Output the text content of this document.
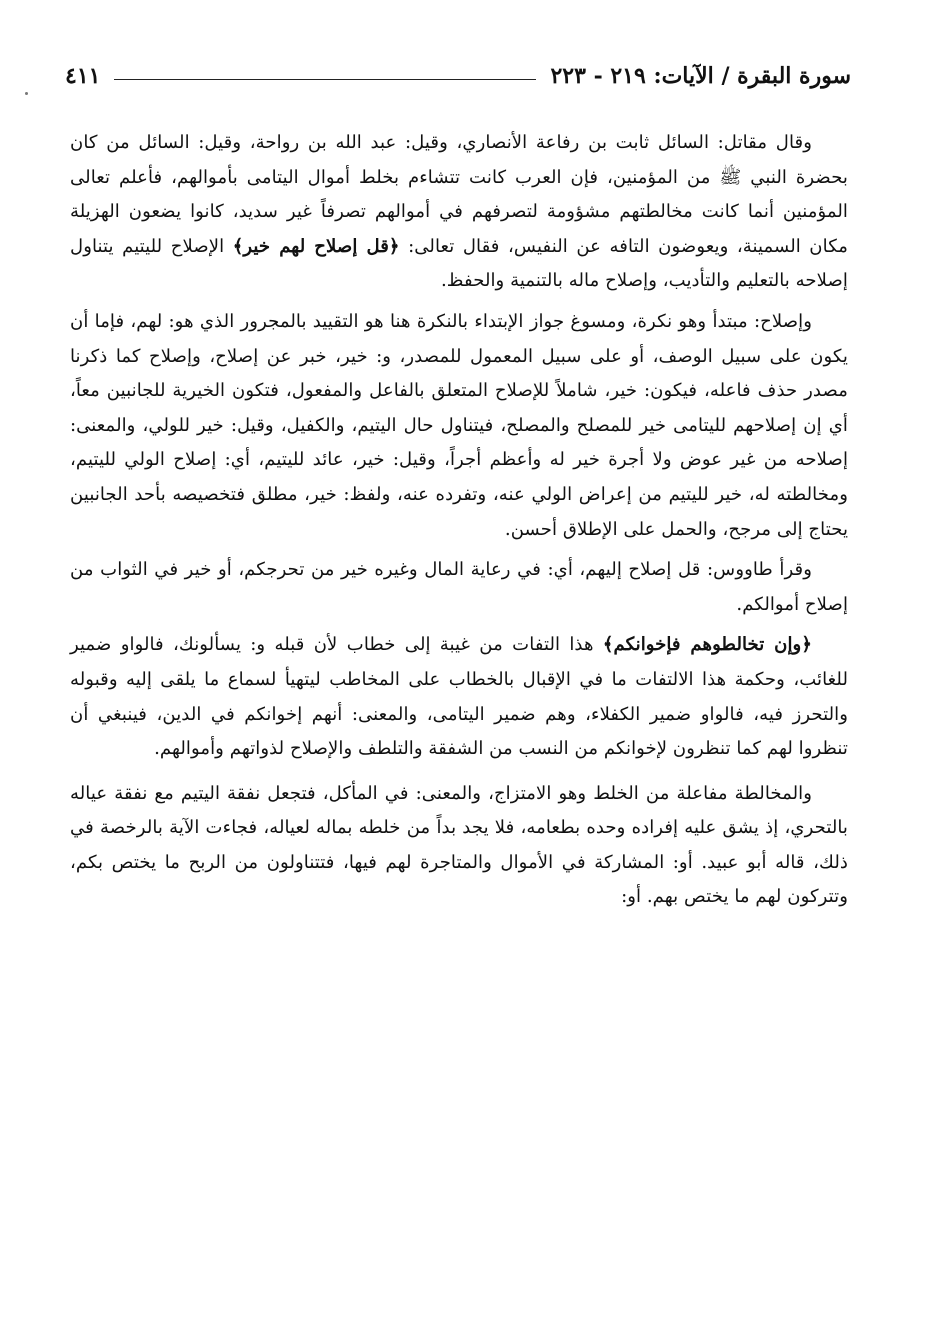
سورة البقرة / الآيات: ٢١٩ - ٢٢٣
٤١١

وقال مقاتل: السائل ثابت بن رفاعة الأنصاري، وقيل: عبد الله بن رواحة، وقيل: السائل من كان بحضرة النبي ﷺ من المؤمنين، فإن العرب كانت تتشاءم بخلط أموال اليتامى بأموالهم، فأعلم تعالى المؤمنين أنما كانت مخالطتهم مشؤومة لتصرفهم في أموالهم تصرفاً غير سديد، كانوا يضعون الهزيلة مكان السمينة، ويعوضون التافه عن النفيس، فقال تعالى: ﴿قل إصلاح لهم خير﴾ الإصلاح لليتيم يتناول إصلاحه بالتعليم والتأديب، وإصلاح ماله بالتنمية والحفظ.

وإصلاح: مبتدأ وهو نكرة، ومسوغ جواز الإبتداء بالنكرة هنا هو التقييد بالمجرور الذي هو: لهم، فإما أن يكون على سبيل الوصف، أو على سبيل المعمول للمصدر، و: خير، خبر عن إصلاح، وإصلاح كما ذكرنا مصدر حذف فاعله، فيكون: خير، شاملاً للإصلاح المتعلق بالفاعل والمفعول، فتكون الخيرية للجانبين معاً، أي إن إصلاحهم لليتامى خير للمصلح والمصلح، فيتناول حال اليتيم، والكفيل، وقيل: خير للولي، والمعنى: إصلاحه من غير عوض ولا أجرة خير له وأعظم أجراً، وقيل: خير، عائد لليتيم، أي: إصلاح الولي لليتيم، ومخالطته له، خير لليتيم من إعراض الولي عنه، وتفرده عنه، ولفظ: خير، مطلق فتخصيصه بأحد الجانبين يحتاج إلى مرجح، والحمل على الإطلاق أحسن.

وقرأ طاووس: قل إصلاح إليهم، أي: في رعاية المال وغيره خير من تحرجكم، أو خير في الثواب من إصلاح أموالكم.

﴿وإن تخالطوهم فإخوانكم﴾ هذا التفات من غيبة إلى خطاب لأن قبله و: يسألونك، فالواو ضمير للغائب، وحكمة هذا الالتفات ما في الإقبال بالخطاب على المخاطب ليتهيأ لسماع ما يلقى إليه وقبوله والتحرز فيه، فالواو ضمير الكفلاء، وهم ضمير اليتامى، والمعنى: أنهم إخوانكم في الدين، فينبغي أن تنظروا لهم كما تنظرون لإخوانكم من النسب من الشفقة والتلطف والإصلاح لذواتهم وأموالهم.

والمخالطة مفاعلة من الخلط وهو الامتزاج، والمعنى: في المأكل، فتجعل نفقة اليتيم مع نفقة عياله بالتحري، إذ يشق عليه إفراده وحده بطعامه، فلا يجد بداً من خلطه بماله لعياله، فجاءت الآية بالرخصة في ذلك، قاله أبو عبيد. أو: المشاركة في الأموال والمتاجرة لهم فيها، فتتناولون من الربح ما يختص بكم، وتتركون لهم ما يختص بهم. أو:
